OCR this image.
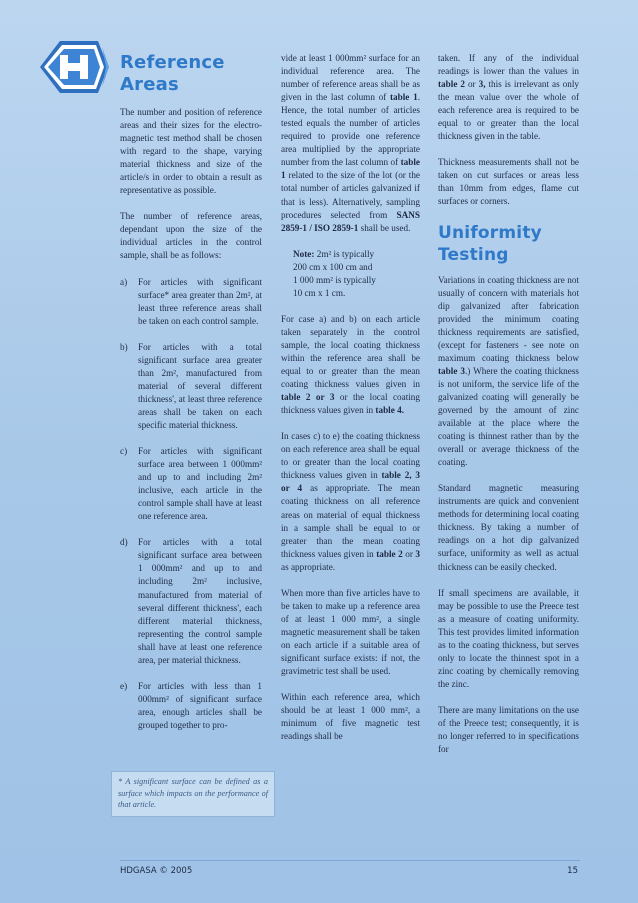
Reference Areas

The number and position of reference areas and their sizes for the electro-magnetic test method shall be chosen with regard to the shape, varying material thickness and size of the article/s in order to obtain a result as representative as possible.

The number of reference areas, dependant upon the size of the individual articles in the control sample, shall be as follows:

a)	For articles with significant surface* area greater than 2m², at least three reference areas shall be taken on each control sample.
b)	For articles with a total significant surface area greater than 2m², manufactured from material of several different thickness', at least three reference areas shall be taken on each specific material thickness.
c)	For articles with significant surface area between 1 000mm² and up to and including 2m² inclusive, each article in the control sample shall have at least one reference area.
d)	For articles with a total significant surface area between 1 000mm² and up to and including 2m² inclusive, manufactured from material of several different thickness', each different material thickness, representing the control sample shall have at least one reference area, per material thickness.
e)	For articles with less than 1 000mm² of significant surface area, enough articles shall be grouped together to pro-
* A significant surface can be defined as a surface which impacts on the performance of that article.

vide at least 1 000mm² surface for an individual reference area. The number of reference areas shall be as given in the last column of table 1. Hence, the total number of articles tested equals the number of articles required to provide one reference area multiplied by the appropriate number from the last column of table 1 related to the size of the lot (or the total number of articles galvanized if that is less). Alternatively, sampling procedures selected from SANS 2859-1 / ISO 2859-1 shall be used.

Note: 2m² is typically
200 cm x 100 cm and
1 000 mm² is typically
10 cm x 1 cm.

For case a) and b) on each article taken separately in the control sample, the local coating thickness within the reference area shall be equal to or greater than the mean coating thickness values given in table 2 or 3 or the local coating thickness values given in table 4.

In cases c) to e) the coating thickness on each reference area shall be equal to or greater than the local coating thickness values given in table 2, 3 or 4 as appropriate. The mean coating thickness on all reference areas on material of equal thickness in a sample shall be equal to or greater than the mean coating thickness values given in table 2 or 3 as appropriate.

When more than five articles have to be taken to make up a reference area of at least 1 000 mm², a single magnetic measurement shall be taken on each article if a suitable area of significant surface exists: if not, the gravimetric test shall be used.

Within each reference area, which should be at least 1 000 mm², a minimum of five magnetic test readings shall be

taken. If any of the individual readings is lower than the values in table 2 or 3, this is irrelevant as only the mean value over the whole of each reference area is required to be equal to or greater than the local thickness given in the table.

Thickness measurements shall not be taken on cut surfaces or areas less than 10mm from edges, flame cut surfaces or corners.

Uniformity
Testing

Variations in coating thickness are not usually of concern with materials hot dip galvanized after fabrication provided the minimum coating thickness requirements are satisfied, (except for fasteners - see note on maximum coating thickness below table 3.) Where the coating thickness is not uniform, the service life of the galvanized coating will generally be governed by the amount of zinc available at the place where the coating is thinnest rather than by the overall or average thickness of the coating.

Standard magnetic measuring instruments are quick and convenient methods for determining local coating thickness. By taking a number of readings on a hot dip galvanized surface, uniformity as well as actual thickness can be easily checked.

If small specimens are available, it may be possible to use the Preece test as a measure of coating uniformity. This test provides limited information as to the coating thickness, but serves only to locate the thinnest spot in a zinc coating by chemically removing the zinc.

There are many limitations on the use of the Preece test; consequently, it is no longer referred to in specifications for

HDGASA © 2005	15
